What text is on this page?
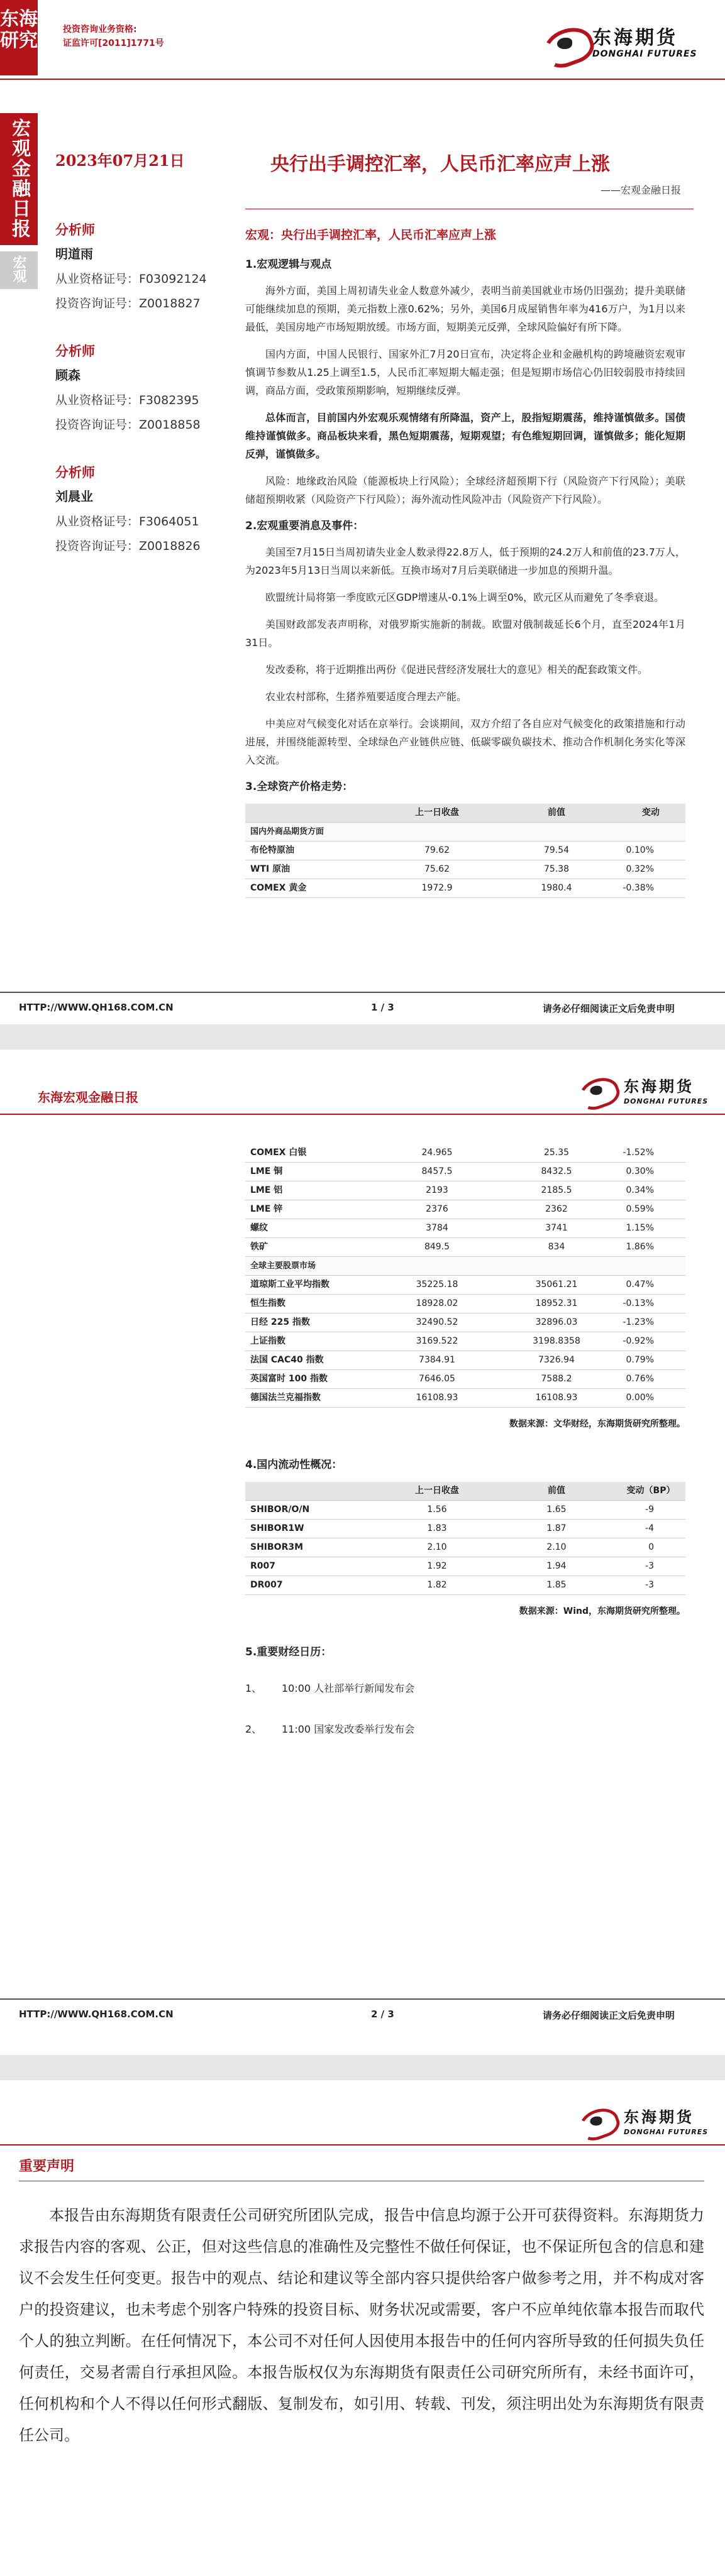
东海研究	投资咨询业务资格:
证监许可[2011]1771号	东海期货
DONGHAI FUTURES
宏观金融日报
宏观
2023年07月21日	央行出手调控汇率，人民币汇率应声上涨
——宏观金融日报
分析师
明道雨
从业资格证号：F03092124
投资咨询证号：Z0018827
分析师
顾森
从业资格证号：F3082395
投资咨询证号：Z0018858
分析师
刘晨业
从业资格证号：F3064051
投资咨询证号：Z0018826
宏观：央行出手调控汇率，人民币汇率应声上涨
1.宏观逻辑与观点

海外方面，美国上周初请失业金人数意外减少，表明当前美国就业市场仍旧强劲；提升美联储可能继续加息的预期，美元指数上涨0.62%；另外，美国6月成屋销售年率为416万户，为1月以来最低，美国房地产市场短期放缓。市场方面，短期美元反弹，全球风险偏好有所下降。

国内方面，中国人民银行、国家外汇7月20日宣布，决定将企业和金融机构的跨境融资宏观审慎调节参数从1.25上调至1.5，人民币汇率短期大幅走强；但是短期市场信心仍旧较弱股市持续回调，商品方面，受政策预期影响，短期继续反弹。

总体而言，目前国内外宏观乐观情绪有所降温，资产上，股指短期震荡，维持谨慎做多。国债维持谨慎做多。商品板块来看，黑色短期震荡，短期观望；有色维短期回调，谨慎做多；能化短期反弹，谨慎做多。

风险：地缘政治风险（能源板块上行风险）；全球经济超预期下行（风险资产下行风险）；美联储超预期收紧（风险资产下行风险）；海外流动性风险冲击（风险资产下行风险）。

2.宏观重要消息及事件：

美国至7月15日当周初请失业金人数录得22.8万人，低于预期的24.2万人和前值的23.7万人，为2023年5月13日当周以来新低。互换市场对7月后美联储进一步加息的预期升温。

欧盟统计局将第一季度欧元区GDP增速从-0.1%上调至0%，欧元区从而避免了冬季衰退。

美国财政部发表声明称，对俄罗斯实施新的制裁。欧盟对俄制裁延长6个月，直至2024年1月31日。

发改委称，将于近期推出两份《促进民营经济发展壮大的意见》相关的配套政策文件。

农业农村部称，生猪养殖要适度合理去产能。

中美应对气候变化对话在京举行。会谈期间，双方介绍了各自应对气候变化的政策措施和行动进展，并围绕能源转型、全球绿色产业链供应链、低碳零碳负碳技术、推动合作机制化务实化等深入交流。

3.全球资产价格走势：
	上一日收盘	前值	变动
国内外商品期货方面			
布伦特原油	79.62	79.54	0.10%
WTI 原油	75.62	75.38	0.32%
COMEX 黄金	1972.9	1980.4	-0.38%
HTTP://WWW.QH168.COM.CN	1 / 3	请务必仔细阅读正文后免责申明
东海宏观金融日报
东海期货
DONGHAI FUTURES
COMEX 白银	24.965	25.35	-1.52%
LME 铜	8457.5	8432.5	0.30%
LME 铝	2193	2185.5	0.34%
LME 锌	2376	2362	0.59%
螺纹	3784	3741	1.15%
铁矿	849.5	834	1.86%
全球主要股票市场			
道琼斯工业平均指数	35225.18	35061.21	0.47%
恒生指数	18928.02	18952.31	-0.13%
日经 225 指数	32490.52	32896.03	-1.23%
上证指数	3169.522	3198.8358	-0.92%
法国 CAC40 指数	7384.91	7326.94	0.79%
英国富时 100 指数	7646.05	7588.2	0.76%
德国法兰克福指数	16108.93	16108.93	0.00%
数据来源：文华财经，东海期货研究所整理。
4.国内流动性概况：
	上一日收盘	前值	变动（BP）
SHIBOR/O/N	1.56	1.65	-9
SHIBOR1W	1.83	1.87	-4
SHIBOR3M	2.10	2.10	0
R007	1.92	1.94	-3
DR007	1.82	1.85	-3
数据来源：Wind，东海期货研究所整理。
5.重要财经日历：
1、 10:00 人社部举行新闻发布会
2、 11:00 国家发改委举行发布会
HTTP://WWW.QH168.COM.CN	2 / 3	请务必仔细阅读正文后免责申明
东海期货
DONGHAI FUTURES
重要声明
本报告由东海期货有限责任公司研究所团队完成，报告中信息均源于公开可获得资料。东海期货力求报告内容的客观、公正，但对这些信息的准确性及完整性不做任何保证，也不保证所包含的信息和建议不会发生任何变更。报告中的观点、结论和建议等全部内容只提供给客户做参考之用，并不构成对客户的投资建议，也未考虑个别客户特殊的投资目标、财务状况或需要，客户不应单纯依靠本报告而取代个人的独立判断。在任何情况下，本公司不对任何人因使用本报告中的任何内容所导致的任何损失负任何责任，交易者需自行承担风险。本报告版权仅为东海期货有限责任公司研究所所有，未经书面许可，任何机构和个人不得以任何形式翻版、复制发布，如引用、转载、刊发，须注明出处为东海期货有限责任公司。
